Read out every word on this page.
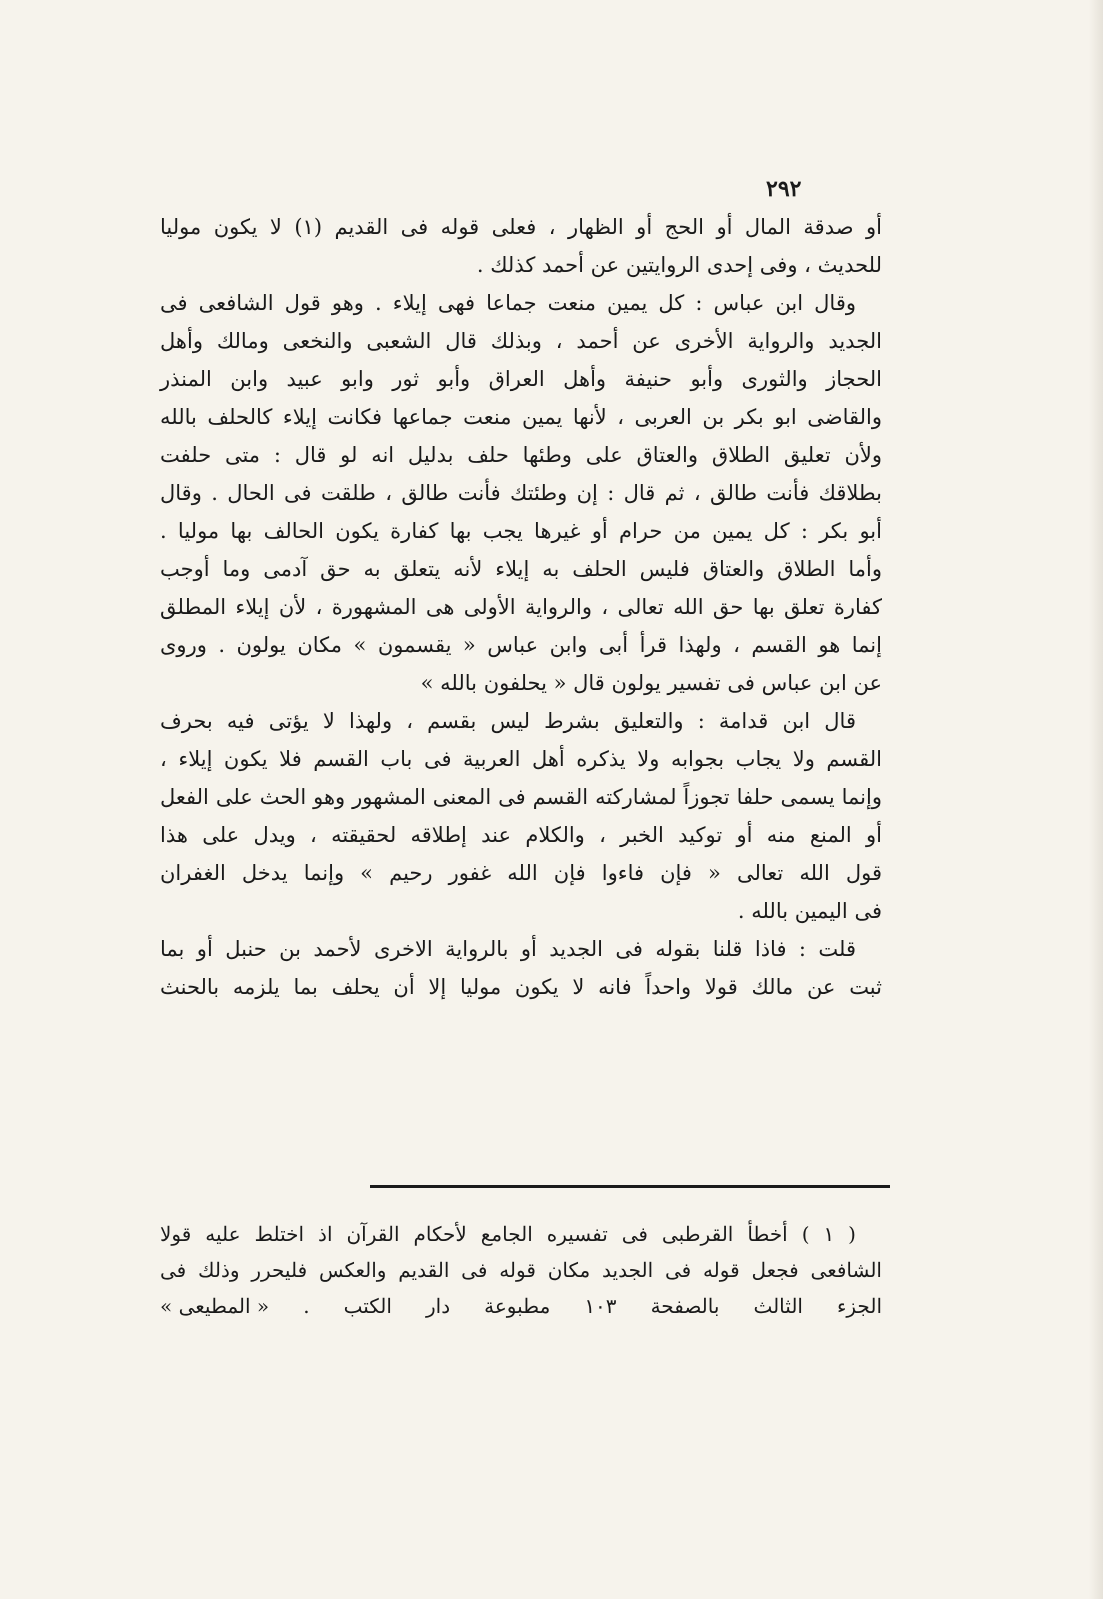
٢٩٢

أو صدقة المال أو الحج أو الظهار ، فعلى قوله فى القديم (١) لا يكون موليا
للحديث ، وفى إحدى الروايتين عن أحمد كذلك .

وقال ابن عباس : كل يمين منعت جماعا فهى إيلاء . وهو قول الشافعى فى
الجديد والرواية الأخرى عن أحمد ، وبذلك قال الشعبى والنخعى ومالك وأهل
الحجاز والثورى وأبو حنيفة وأهل العراق وأبو ثور وابو عبيد وابن المنذر
والقاضى ابو بكر بن العربى ، لأنها يمين منعت جماعها فكانت إيلاء كالحلف بالله
ولأن تعليق الطلاق والعتاق على وطئها حلف بدليل انه لو قال : متى حلفت
بطلاقك فأنت طالق ، ثم قال : إن وطئتك فأنت طالق ، طلقت فى الحال . وقال
أبو بكر : كل يمين من حرام أو غيرها يجب بها كفارة يكون الحالف بها موليا .
وأما الطلاق والعتاق فليس الحلف به إيلاء لأنه يتعلق به حق آدمى وما أوجب
كفارة تعلق بها حق الله تعالى ، والرواية الأولى هى المشهورة ، لأن إيلاء المطلق
إنما هو القسم ، ولهذا قرأ أبى وابن عباس « يقسمون » مكان يولون . وروى
عن ابن عباس فى تفسير يولون قال « يحلفون بالله »

قال ابن قدامة : والتعليق بشرط ليس بقسم ، ولهذا لا يؤتى فيه بحرف
القسم ولا يجاب بجوابه ولا يذكره أهل العربية فى باب القسم فلا يكون إيلاء ،
وإنما يسمى حلفا تجوزاً لمشاركته القسم فى المعنى المشهور وهو الحث على الفعل
أو المنع منه أو توكيد الخبر ، والكلام عند إطلاقه لحقيقته ، ويدل على هذا
قول الله تعالى « فإن فاءوا فإن الله غفور رحيم » وإنما يدخل الغفران
فى اليمين بالله .

قلت : فاذا قلنا بقوله فى الجديد أو بالرواية الاخرى لأحمد بن حنبل أو بما
ثبت عن مالك قولا واحداً فانه لا يكون موليا إلا أن يحلف بما يلزمه بالحنث

( ١ ) أخطأ القرطبى فى تفسيره الجامع لأحكام القرآن اذ اختلط عليه قولا
الشافعى فجعل قوله فى الجديد مكان قوله فى القديم والعكس فليحرر وذلك فى
الجزء الثالث بالصفحة ١٠٣ مطبوعة دار الكتب . « المطيعى »
